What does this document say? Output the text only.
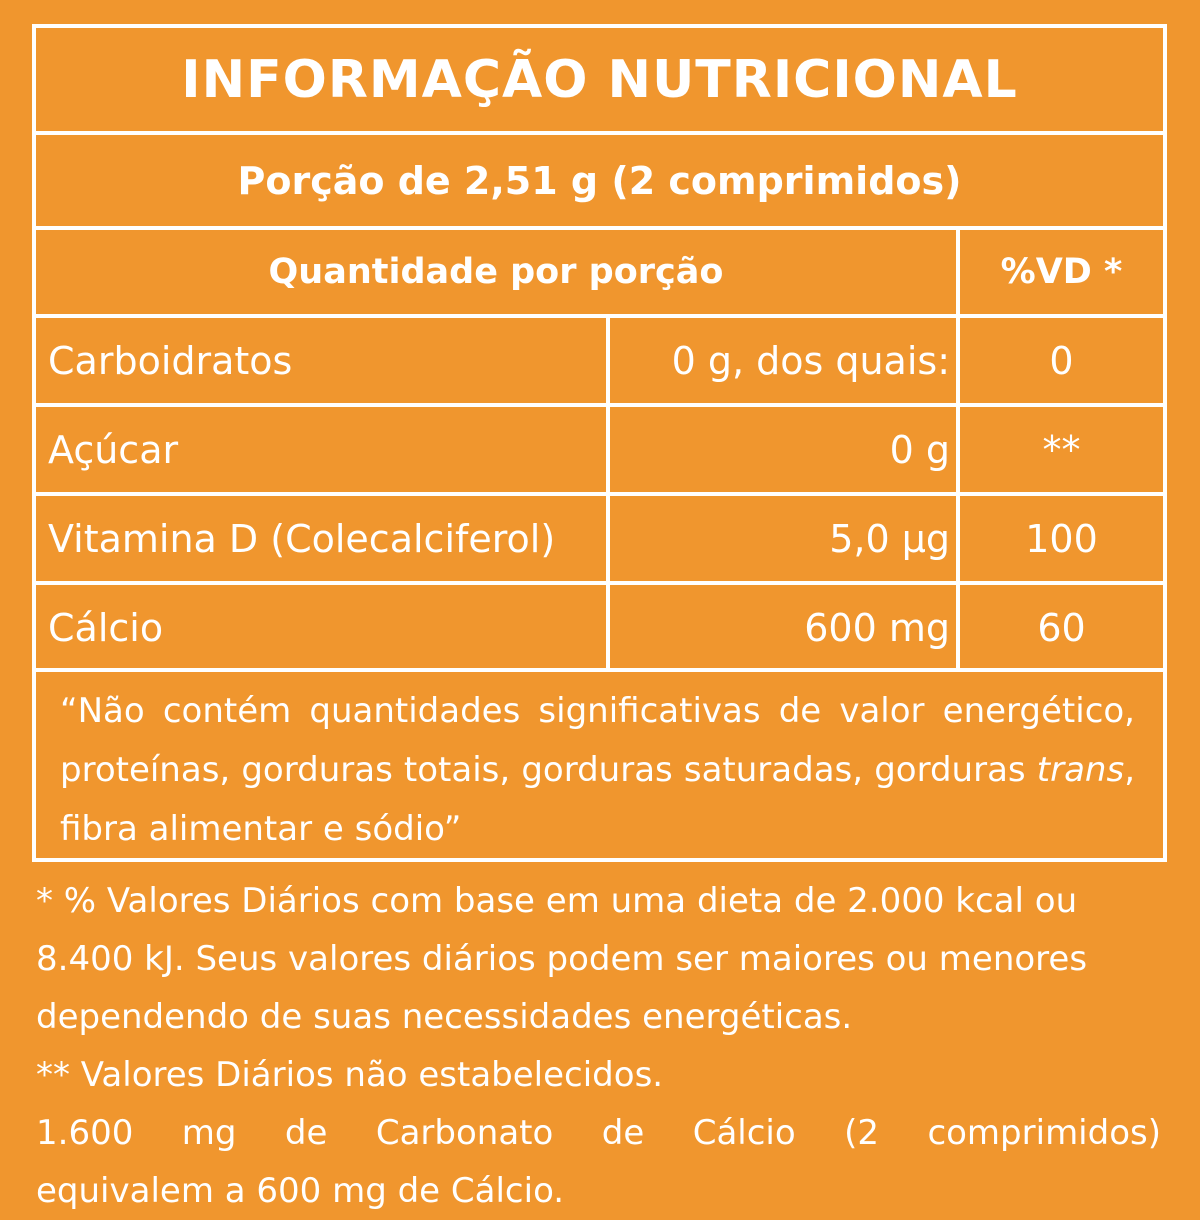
INFORMAÇÃO NUTRICIONAL
Porção de 2,51 g (2 comprimidos)
Quantidade por porção	%VD *
Carboidratos	0 g, dos quais:	0
Açúcar	0 g	**
Vitamina D (Colecalciferol)	5,0 µg	100
Cálcio	600 mg	60

“Não contém quantidades significativas de valor energético, proteínas, gorduras totais, gorduras saturadas, gorduras trans, fibra alimentar e sódio”

* % Valores Diários com base em uma dieta de 2.000 kcal ou 8.400 kJ. Seus valores diários podem ser maiores ou menores dependendo de suas necessidades energéticas.

** Valores Diários não estabelecidos.

1.600 mg de Carbonato de Cálcio (2 comprimidos)

equivalem a 600 mg de Cálcio.
